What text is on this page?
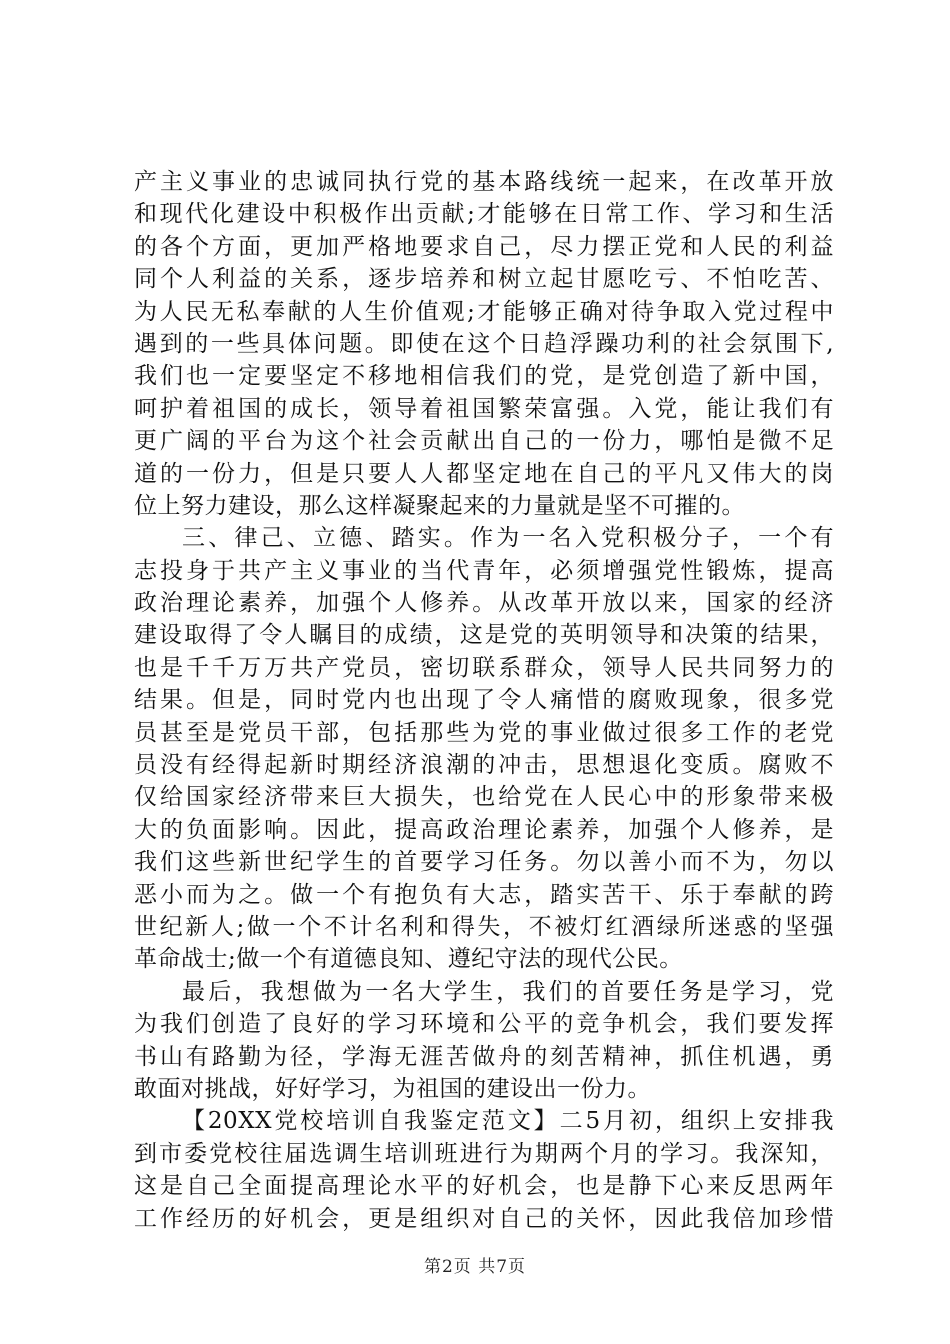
产主义事业的忠诚同执行党的基本路线统一起来，在改革开放
和现代化建设中积极作出贡献;才能够在日常工作、学习和生活
的各个方面，更加严格地要求自己，尽力摆正党和人民的利益
同个人利益的关系，逐步培养和树立起甘愿吃亏、不怕吃苦、
为人民无私奉献的人生价值观;才能够正确对待争取入党过程中
遇到的一些具体问题。即使在这个日趋浮躁功利的社会氛围下,
我们也一定要坚定不移地相信我们的党，是党创造了新中国，
呵护着祖国的成长，领导着祖国繁荣富强。入党，能让我们有
更广阔的平台为这个社会贡献出自己的一份力，哪怕是微不足
道的一份力，但是只要人人都坚定地在自己的平凡又伟大的岗
位上努力建设，那么这样凝聚起来的力量就是坚不可摧的。
三、律己、立德、踏实。作为一名入党积极分子，一个有
志投身于共产主义事业的当代青年，必须增强党性锻炼，提高
政治理论素养，加强个人修养。从改革开放以来，国家的经济
建设取得了令人瞩目的成绩，这是党的英明领导和决策的结果，
也是千千万万共产党员，密切联系群众，领导人民共同努力的
结果。但是，同时党内也出现了令人痛惜的腐败现象，很多党
员甚至是党员干部，包括那些为党的事业做过很多工作的老党
员没有经得起新时期经济浪潮的冲击，思想退化变质。腐败不
仅给国家经济带来巨大损失，也给党在人民心中的形象带来极
大的负面影响。因此，提高政治理论素养，加强个人修养，是
我们这些新世纪学生的首要学习任务。勿以善小而不为，勿以
恶小而为之。做一个有抱负有大志，踏实苦干、乐于奉献的跨
世纪新人;做一个不计名利和得失，不被灯红酒绿所迷惑的坚强
革命战士;做一个有道德良知、遵纪守法的现代公民。
最后，我想做为一名大学生，我们的首要任务是学习，党
为我们创造了良好的学习环境和公平的竞争机会，我们要发挥
书山有路勤为径，学海无涯苦做舟的刻苦精神，抓住机遇，勇
敢面对挑战，好好学习，为祖国的建设出一份力。
【20XX党校培训自我鉴定范文】二5月初，组织上安排我
到市委党校往届选调生培训班进行为期两个月的学习。我深知，
这是自己全面提高理论水平的好机会，也是静下心来反思两年
工作经历的好机会，更是组织对自己的关怀，因此我倍加珍惜
第2页 共7页
